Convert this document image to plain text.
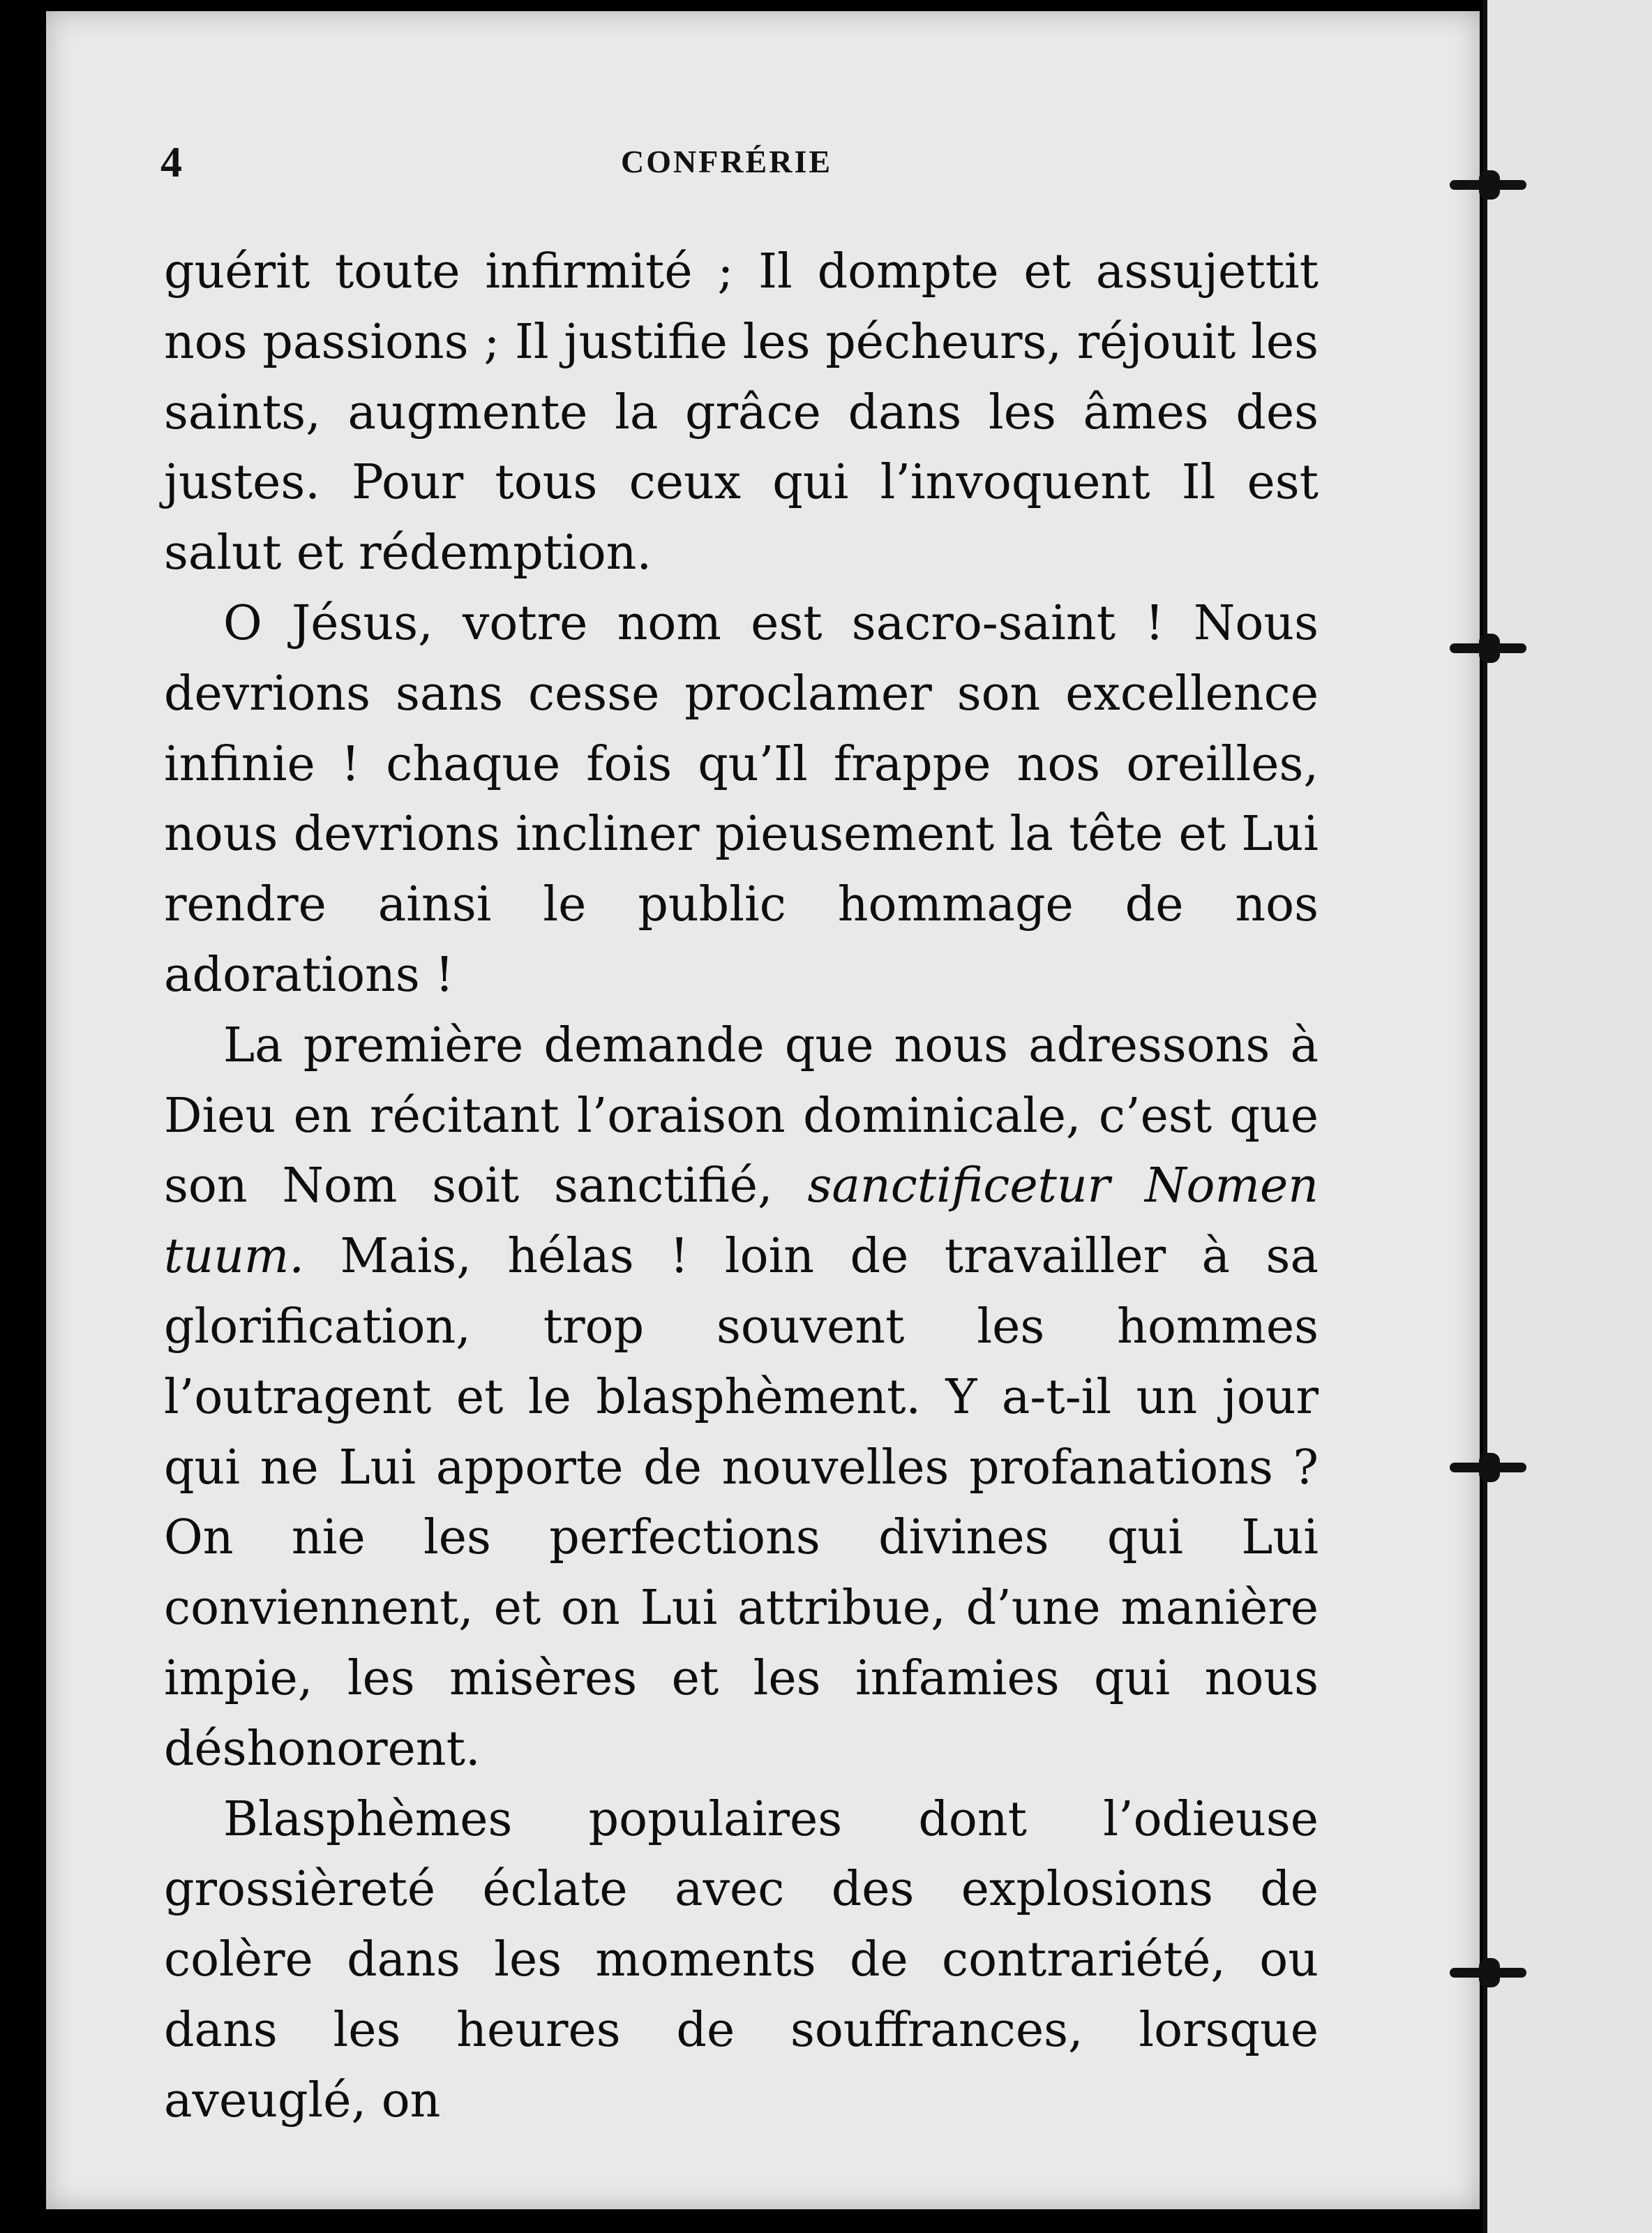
4	CONFRÉRIE

guérit toute infirmité ; Il dompte et assujettit nos passions ; Il justifie les pécheurs, réjouit les saints, augmente la grâce dans les âmes des justes. Pour tous ceux qui l’invoquent Il est salut et rédemption.

O Jésus, votre nom est sacro-saint ! Nous devrions sans cesse proclamer son excellence infinie ! chaque fois qu’Il frappe nos oreilles, nous devrions incliner pieusement la tête et Lui rendre ainsi le public hommage de nos adorations !

La première demande que nous adressons à Dieu en récitant l’oraison dominicale, c’est que son Nom soit sanctifié, sanctificetur Nomen tuum. Mais, hélas ! loin de travailler à sa glorification, trop souvent les hommes l’outragent et le blasphèment. Y a-t-il un jour qui ne Lui apporte de nouvelles profanations ? On nie les perfections divines qui Lui conviennent, et on Lui attribue, d’une manière impie, les misères et les infamies qui nous déshonorent.

Blasphèmes populaires dont l’odieuse grossièreté éclate avec des explosions de colère dans les moments de contrariété, ou dans les heures de souffrances, lorsque aveuglé, on
